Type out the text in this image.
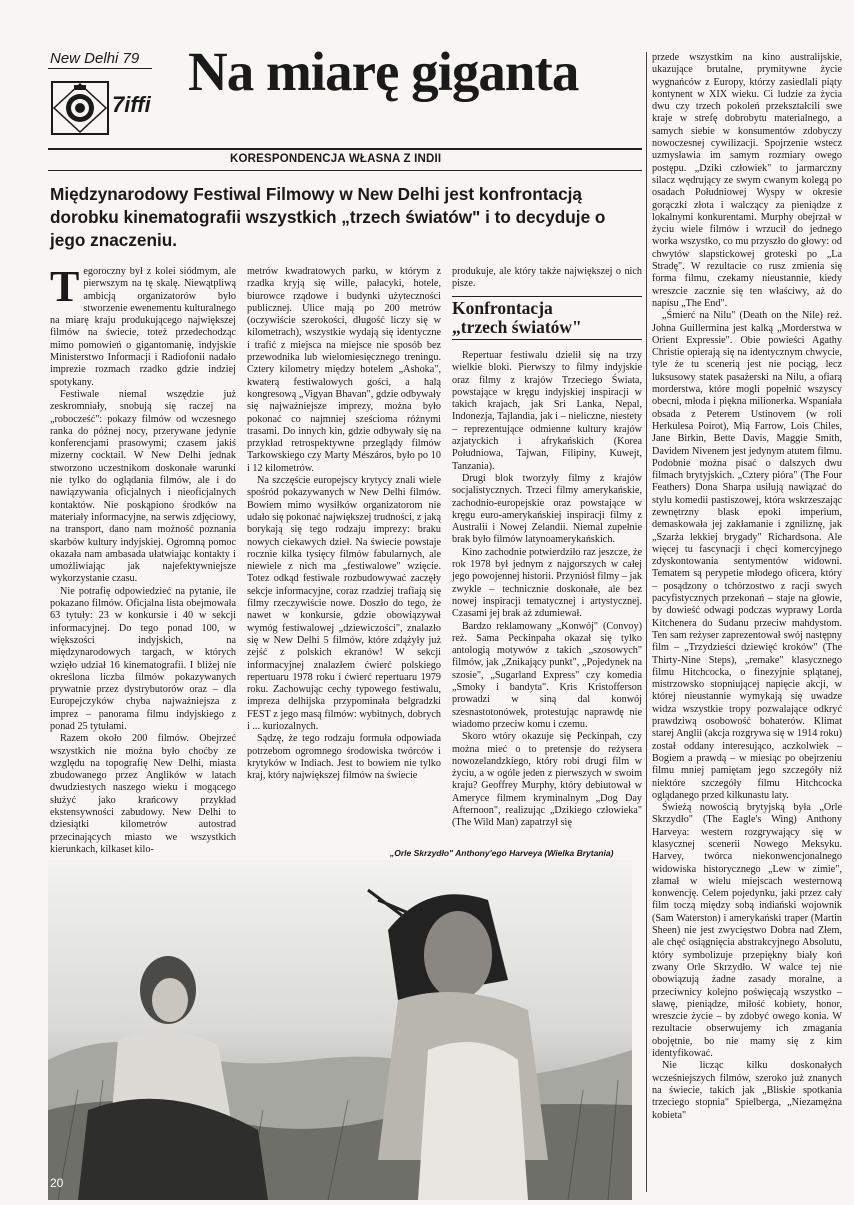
New Delhi 79 Na miarę giganta
7iffi
KORESPONDENCJA WŁASNA Z INDII
Międzynarodowy Festiwal Filmowy w New Delhi jest konfrontacją dorobku kinematografii wszystkich „trzech światów" i to decyduje o jego znaczeniu.
T egoroczny był z kolei siódmym, ale pierwszym na tę skalę. Niewątpliwą ambicją organizatorów było stworzenie ewenementu kulturalnego na miarę kraju produkującego największej filmów na świecie, toteż przedechodząc mimo pomowień o gigantomanię, indyjskie Ministerstwo Informacji i Radiofonii nadało imprezie rozmach rzadko gdzie indziej spotykany.

Festiwale niemal wszędzie już zeskromniały, snobują się raczej na „robocześć": pokazy filmów od wczesnego ranka do późnej nocy, przerywane jedynie konferencjami prasowymi; czasem jakiś mizerny cocktail. W New Delhi jednak stworzono uczestnikom doskonałe warunki nie tylko do oglądania filmów, ale i do nawiązywania oficjalnych i nieoficjalnych kontaktów. Nie poskąpiono środków na materiały informacyjne, na serwis zdjęciowy, na transport, dano nam możność poznania skarbów kultury indyjskiej. Ogromną pomoc okazała nam ambasada ułatwiając kontakty i umożliwiając jak najefektywniejsze wykorzystanie czasu.

Nie potrafię odpowiedzieć na pytanie, ile pokazano filmów. Oficjalna lista obejmowała 63 tytuły: 23 w konkursie i 40 w sekcji informacyjnej. Do tego ponad 100, w większości indyjskich, na międzynarodowych targach, w których wzięło udział 16 kinematografii. I bliżej nie określona liczba filmów pokazywanych prywatnie przez dystrybutorów oraz – dla Europejczyków chyba najważniejsza z imprez – panorama filmu indyjskiego z ponad 25 tytułami.

Razem około 200 filmów. Obejrzeć wszystkich nie można było choćby ze względu na topografię New Delhi, miasta zbudowanego przez Anglików w latach dwudziestych naszego wieku i mogącego służyć jako krańcowy przykład ekstensywności zabudowy. New Delhi to dziesiątki kilometrów autostrad przecinających miasto we wszystkich kierunkach, kilkaset kilo-

metrów kwadratowych parku, w którym z rzadka kryją się wille, pałacyki, hotele, biurowce rządowe i budynki użyteczności publicznej. Ulice mają po 200 metrów (oczywiście szerokości, długość liczy się w kilometrach), wszystkie wydają się identyczne i trafić z miejsca na miejsce nie sposób bez przewodnika lub wielomiesięcznego treningu. Cztery kilometry między hotelem „Ashoka", kwaterą festiwalowych gości, a halą kongresową „Vigyan Bhavan", gdzie odbywały się najważniejsze imprezy, można było pokonać co najmniej sześcioma różnymi trasami. Do innych kin, gdzie odbywały się na przykład retrospektywne przeglądy filmów Tarkowskiego czy Marty Mészáros, było po 10 i 12 kilometrów.

Na szczęście europejscy krytycy znali wiele spośród pokazywanych w New Delhi filmów. Bowiem mimo wysiłków organizatorom nie udało się pokonać największej trudności, z jaką borykają się tego rodzaju imprezy: braku nowych ciekawych dzieł. Na świecie powstaje rocznie kilka tysięcy filmów fabularnych, ale niewiele z nich ma „festiwalowe" wzięcie. Totez odkąd festiwale rozbudowywać zaczęły sekcje informacyjne, coraz rzadziej trafiają się filmy rzeczywiście nowe. Doszło do tego, że nawet w konkursie, gdzie obowiązywał wymóg festiwalowej „dziewiczości", znalazło się w New Delhi 5 filmów, które zdążyły już zejść z polskich ekranów! W sekcji informacyjnej znalazłem ćwierć polskiego repertuaru 1978 roku i ćwierć repertuaru 1979 roku. Zachowując cechy typowego festiwalu, impreza delhijska przypominała belgradzki FEST z jego masą filmów: wybitnych, dobrych i ... kuriozalnych.

Sądzę, że tego rodzaju formuła odpowiada potrzebom ogromnego środowiska twórców i krytyków w Indiach. Jest to bowiem nie tylko kraj, który największej filmów na świecie

produkuje, ale który także największej o nich pisze.

Konfrontacja
„trzech światów"

Repertuar festiwalu dzielił się na trzy wielkie bloki. Pierwszy to filmy indyjskie oraz filmy z krajów Trzeciego Świata, powstające w kręgu indyjskiej inspiracji w takich krajach, jak Sri Lanka, Nepal, Indonezja, Tajlandia, jak i – nieliczne, niestety – reprezentujące odmienne kultury krajów azjatyckich i afrykańskich (Korea Południowa, Tajwan, Filipiny, Kuwejt, Tanzania).

Drugi blok tworzyły filmy z krajów socjalistycznych. Trzeci filmy amerykańskie, zachodnio-europejskie oraz powstające w kręgu euro-amerykańskiej inspiracji filmy z Australii i Nowej Zelandii. Niemal zupełnie brak było filmów latynoamerykańskich.

Kino zachodnie potwierdziło raz jeszcze, że rok 1978 był jednym z najgorszych w całej jego powojennej historii. Przyniósł filmy – jak zwykle – technicznie doskonałe, ale bez nowej inspiracji tematycznej i artystycznej. Czasami jej brak aż zdumiewał.

Bardzo reklamowany „Konwój" (Convoy) reż. Sama Peckinpaha okazał się tylko antologią motywów z takich „szosowych" filmów, jak „Znikający punkt", „Pojedynek na szosie", „Sugarland Express" czy komedia „Smoky i bandyta". Kris Kristofferson prowadzi w siną dal konwój szesnastotonówek, protestując naprawdę nie wiadomo przeciw komu i czemu.

Skoro wtóry okazuje się Peckinpah, czy można mieć o to pretensje do reżysera nowozelandzkiego, który robi drugi film w życiu, a w ogóle jeden z pierwszych w swoim kraju? Geoffrey Murphy, który debiutował w Ameryce filmem kryminalnym „Dog Day Afternoon", realizując „Dzikiego człowieka" (The Wild Man) zapatrzył się

przede wszystkim na kino australijskie, ukazujące brutalne, prymitywne życie wygnańców z Europy, którzy zasiedlali piąty kontynent w XIX wieku. Ci ludzie za życia dwu czy trzech pokoleń przekształcili swe kraje w strefę dobrobytu materialnego, a samych siebie w konsumentów zdobyczy nowoczesnej cywilizacji. Spojrzenie wstecz uzmysławia im samym rozmiary owego postępu. „Dziki człowiek" to jarmarczny silacz wędrujący ze swym cwanym kolegą po osadach Południowej Wyspy w okresie gorączki złota i walczący za pieniądze z lokalnymi konkurentami. Murphy obejrzał w życiu wiele filmów i wrzucił do jednego worka wszystko, co mu przyszło do głowy: od chwytów slapstickowej groteski po „La Stradę". W rezultacie co rusz zmienia się forma filmu, czekamy nieustannie, kiedy wreszcie zacznie się ten właściwy, aż do napisu „The End".

„Śmierć na Nilu" (Death on the Nile) reż. Johna Guillermina jest kalką „Morderstwa w Orient Expressie". Obie powieści Agathy Christie opierają się na identycznym chwycie, tyle że tu scenerią jest nie pociąg, lecz luksusowy statek pasażerski na Nilu, a ofiarą morderstwa, które mogli popełnić wszyscy obecni, młoda i piękna milionerka. Wspaniała obsada z Peterem Ustinovem (w roli Herkulesa Poirot), Mią Farrow, Lois Chiles, Jane Birkin, Bette Davis, Maggie Smith, Davidem Nivenem jest jedynym atutem filmu. Podobnie można pisać o dalszych dwu filmach brytyjskich. „Cztery pióra" (The Four Feathers) Dona Sharpa usiłują nawiązać do stylu komedii pastiszowej, która wskrzeszając zewnętrzny blask epoki imperium, demaskowała jej zakłamanie i zgniliznę, jak „Szarża lekkiej brygady" Richardsona. Ale więcej tu fascynacji i chęci komercyjnego zdyskontowania sentymentów widowni. Tematem są perypetie młodego oficera, który – posądzony o tchórzostwo z racji swych pacyfistycznych przekonań – staje na głowie, by dowieść odwagi podczas wyprawy Lorda Kitchenera do Sudanu przeciw mahdystom. Ten sam reżyser zaprezentował swój następny film – „Trzydzieści dziewięć kroków" (The Thirty-Nine Steps), „remake" klasycznego filmu Hitchcocka, o finezyjnie splątanej, mistrzowsko stopniującej napięcie akcji, w której nieustannie wymykają się uwadze widza wszystkie tropy pozwalające odkryć prawdziwą osobowość bohaterów. Klimat starej Anglii (akcja rozgrywa się w 1914 roku) został oddany interesująco, aczkolwiek – Bogiem a prawdą – w miesiąc po obejrzeniu filmu mniej pamiętam jego szczegóły niż niektóre szczegóły filmu Hitchcocka oglądanego przed kilkunastu laty.

Świeżą nowością brytyjską była „Orle Skrzydło" (The Eagle's Wing) Anthony Harveya: western rozgrywający się w klasycznej scenerii Nowego Meksyku. Harvey, twórca niekonwencjonalnego widowiska historycznego „Lew w zimie", złamał w wielu miejscach westernową konwencję. Celem pojedynku, jaki przez cały film toczą między sobą indiański wojownik (Sam Waterston) i amerykański traper (Martin Sheen) nie jest zwycięstwo Dobra nad Złem, ale chęć osiągnięcia abstrakcyjnego Absolutu, który symbolizuje przepiękny biały koń zwany Orle Skrzydło. W walce tej nie obowiązują żadne zasady moralne, a przeciwnicy kolejno poświęcają wszystko – sławę, pieniądze, miłość kobiety, honor, wreszcie życie – by zdobyć owego konia. W rezultacie obserwujemy ich zmagania obojętnie, bo nie mamy się z kim identyfikować.

Nie licząc kilku doskonałych wcześniejszych filmów, szeroko już znanych na świecie, takich jak „Bliskie spotkania trzeciego stopnia" Spielberga, „Niezamężna kobieta"

„Orle Skrzydło" Anthony'ego Harveya (Wielka Brytania)
20
